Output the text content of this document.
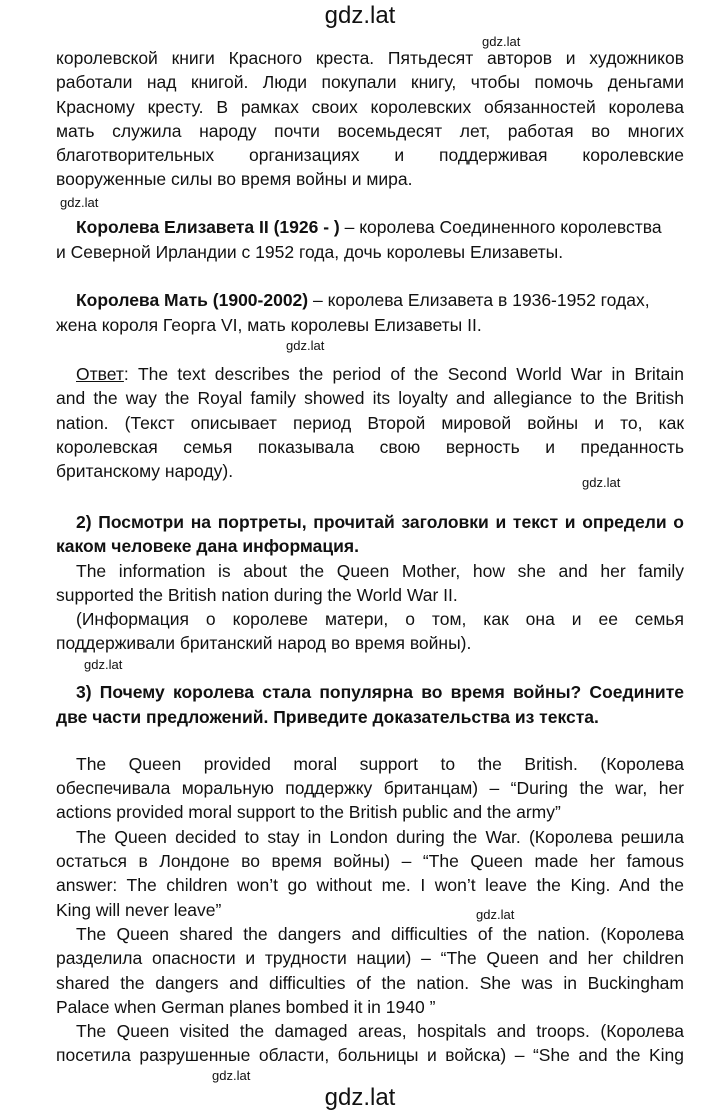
gdz.lat
gdz.lat
королевской книги Красного креста. Пятьдесят авторов и художников
работали над книгой. Люди покупали книгу, чтобы помочь деньгами
Красному кресту. В рамках своих королевских обязанностей королева
мать служила народу почти восемьдесят лет, работая во многих
благотворительных организациях и поддерживая королевские
вооруженные силы во время войны и мира.
gdz.lat
Королева Елизавета II (1926 - ) – королева Соединенного королевства
и Северной Ирландии с 1952 года, дочь королевы Елизаветы.
Королева Мать (1900-2002) – королева Елизавета в 1936-1952 годах,
жена короля Георга VI, мать королевы Елизаветы II.
gdz.lat
Ответ: The text describes the period of the Second World War in Britain
and the way the Royal family showed its loyalty and allegiance to the British
nation. (Текст описывает период Второй мировой войны и то, как
королевская семья показывала свою верность и преданность
британскому народу).
gdz.lat
2) Посмотри на портреты, прочитай заголовки и текст и определи о
каком человеке дана информация.
The information is about the Queen Mother, how she and her family
supported the British nation during the World War II.
(Информация о королеве матери, о том, как она и ее семья
поддерживали британский народ во время войны).
gdz.lat
3) Почему королева стала популярна во время войны? Соедините
две части предложений. Приведите доказательства из текста.
The Queen provided moral support to the British. (Королева
обеспечивала моральную поддержку британцам) – “During the war, her
actions provided moral support to the British public and the army”
The Queen decided to stay in London during the War. (Королева решила
остаться в Лондоне во время войны) – “The Queen made her famous
answer: The children won’t go without me. I won’t leave the King. And the
King will never leave”	gdz.lat
The Queen shared the dangers and difficulties of the nation. (Королева
разделила опасности и трудности нации) – “The Queen and her children
shared the dangers and difficulties of the nation. She was in Buckingham
Palace when German planes bombed it in 1940 ”
The Queen visited the damaged areas, hospitals and troops. (Королева
посетила разрушенные области, больницы и войска) – “She and the King
gdz.lat
gdz.lat
